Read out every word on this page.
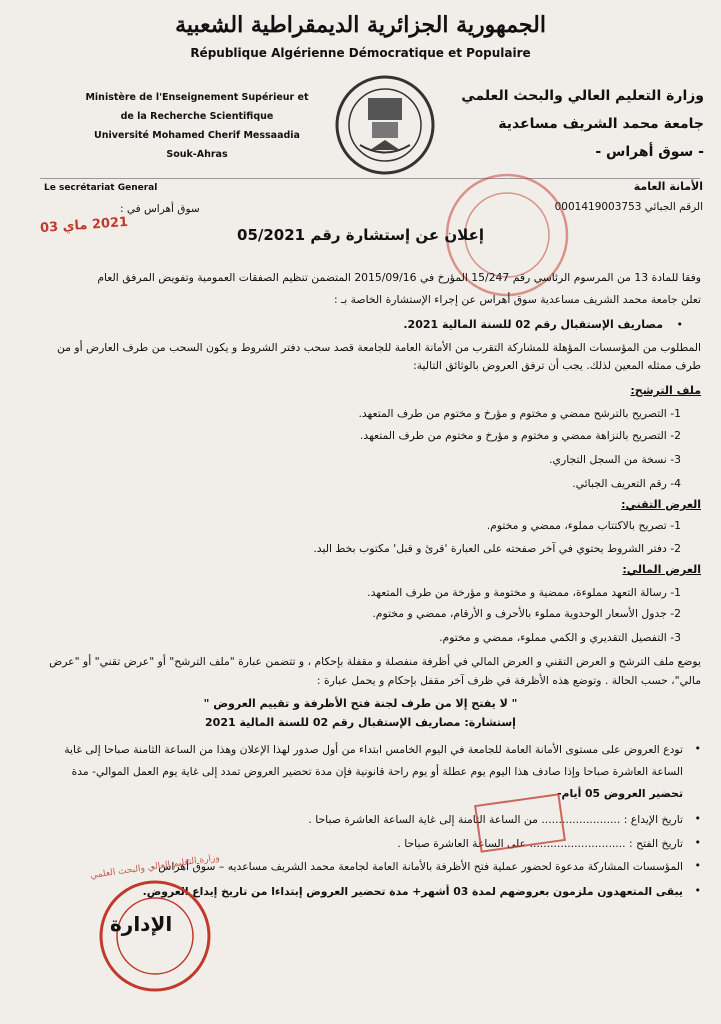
الجمهورية الجزائرية الديمقراطية الشعبية
République Algérienne Démocratique et Populaire
Ministère de l'Enseignement Supérieur et
de la Recherche Scientifique
Université Mohamed Cherif Messaadia
Souk-Ahras
وزارة التعليم العالي والبحث العلمي
جامعة محمد الشريف مساعدية
- سوق أهراس -
Le secrétariat General	الأمانة العامة
الرقم الجبائي 0001419003753
سوق أهراس في :
2021 ماي 03
إعلان عن إستشارة رقم 05/2021
وفقا للمادة 13 من المرسوم الرئاسي رقم 15/247 المؤرخ في 2015/09/16 المتضمن تنظيم الصفقات العمومية وتفويض المرفق العام
تعلن جامعة محمد الشريف مساعدية سوق أهراس عن إجراء الإستشارة الخاصة بـ :
مصاريف الإستقبال رقم 02 للسنة المالية 2021. •
المطلوب من المؤسسات المؤهلة للمشاركة التقرب من الأمانة العامة للجامعة قصد سحب دفتر الشروط و يكون السحب من طرف العارض أو من
طرف ممثله المعين لذلك. يجب أن ترفق العروض بالوثائق التالية:
ملف الترشح:
1- التصريح بالترشح ممضي و مختوم و مؤرخ و مختوم من طرف المتعهد.
2- التصريح بالنزاهة ممضي و مختوم و مؤرخ و مختوم من طرف المتعهد.
3- نسخة من السجل التجاري.
4- رقم التعريف الجبائي.
العرض التقني:
1- تصريح بالاكتتاب مملوء، ممضي و مختوم.
2- دفتر الشروط يحتوي في آخر صفحته على العبارة 'قرئ و قبل' مكتوب بخط اليد.
العرض المالي:
1- رسالة التعهد مملوءة، ممضية و مختومة و مؤرخة من طرف المتعهد.
2- جدول الأسعار الوحدوية مملوء بالأحرف و الأرقام، ممضي و مختوم.
3- التفصيل التقديري و الكمي مملوء، ممضي و مختوم.
يوضع ملف الترشح و العرض التقني و العرض المالي في أظرفة منفصلة و مقفلة بإحكام ، و تتضمن عبارة "ملف الترشح" أو "عرض تقني" أو "عرض
مالي"، حسب الحالة . وتوضع هذه الأظرفة في ظرف آخر مقفل بإحكام و يحمل عبارة :
" لا يفتح إلا من طرف لجنة فتح الأظرفة و تقييم العروض "
إستشارة: مصاريف الإستقبال رقم 02 للسنة المالية 2021
•
تودع العروض على مستوى الأمانة العامة للجامعة في اليوم الخامس ابتداء من أول صدور لهذا الإعلان وهذا من الساعة الثامنة صباحا إلى غاية
الساعة العاشرة صباحا وإذا صادف هذا اليوم يوم عطلة أو يوم راحة قانونية فإن مدة تحضير العروض تمدد إلى غاية يوم العمل الموالي- مدة
تحضير العروض 05 أيام-
•
تاريخ الإيداع : ....................... من الساعة الثامنة إلى غاية الساعة العاشرة صباحا .
•
تاريخ الفتح : ............................ على الساعة العاشرة صباحا .
•
المؤسسات المشاركة مدعوة لحضور عملية فتح الأظرفة بالأمانة العامة لجامعة محمد الشريف مساعديه – سوق أهراس -
•
يبقى المتعهدون ملزمون بعروضهم لمدة 03 أشهر+ مدة تحضير العروض إبتداءا من تاريخ إيداع العروض.
وزارة التعليم العالي والبحث العلمي
الإدارة
